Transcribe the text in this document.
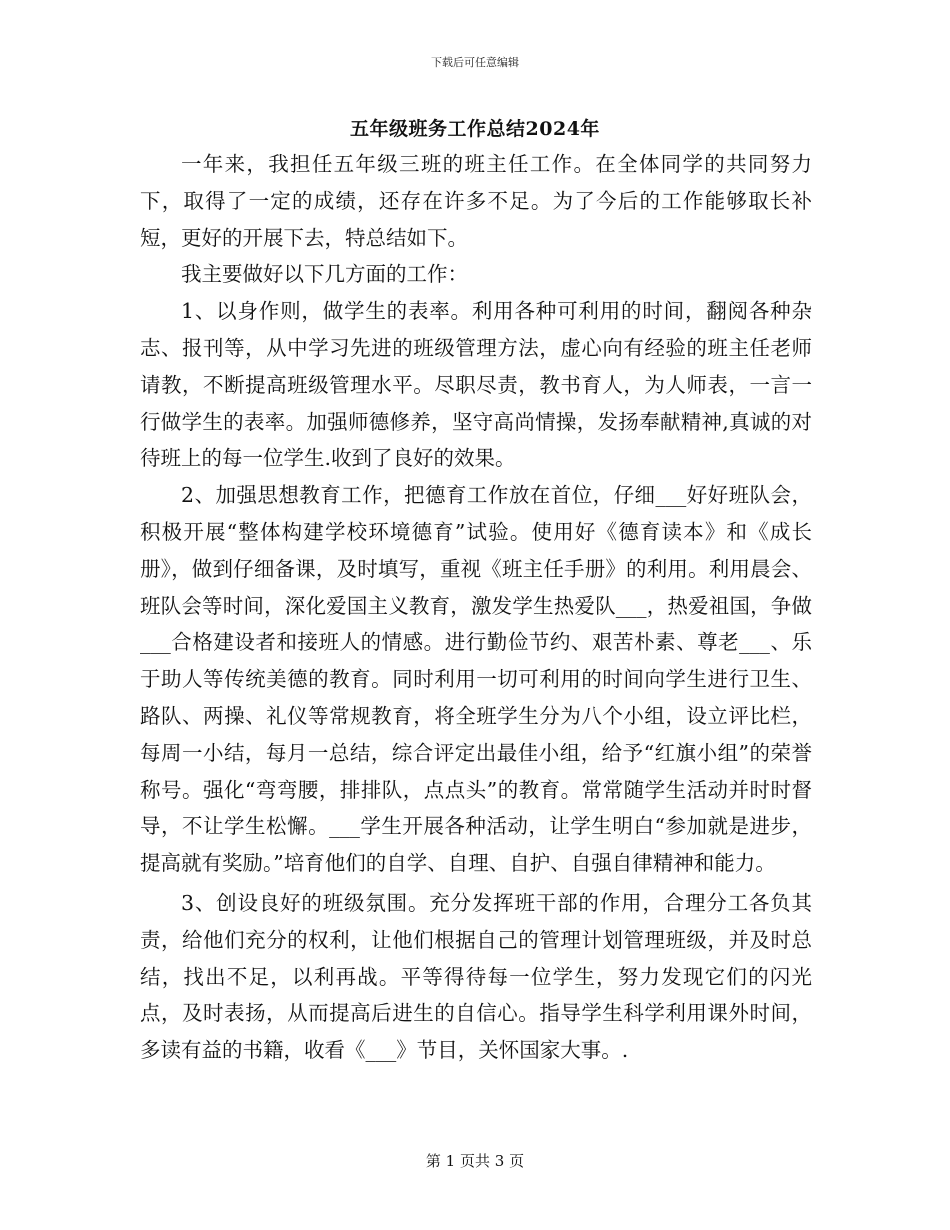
下载后可任意编辑
五年级班务工作总结2024年

一年来，我担任五年级三班的班主任工作。在全体同学的共同努力下，取得了一定的成绩，还存在许多不足。为了今后的工作能够取长补短，更好的开展下去，特总结如下。

我主要做好以下几方面的工作：

1、以身作则，做学生的表率。利用各种可利用的时间，翻阅各种杂志、报刊等，从中学习先进的班级管理方法，虚心向有经验的班主任老师请教，不断提高班级管理水平。尽职尽责，教书育人，为人师表，一言一行做学生的表率。加强师德修养，坚守高尚情操，发扬奉献精神,真诚的对待班上的每一位学生.收到了良好的效果。

2、加强思想教育工作，把德育工作放在首位，仔细___好好班队会，积极开展“整体构建学校环境德育”试验。使用好《德育读本》和《成长册》，做到仔细备课，及时填写，重视《班主任手册》的利用。利用晨会、班队会等时间，深化爱国主义教育，激发学生热爱队___，热爱祖国，争做___合格建设者和接班人的情感。进行勤俭节约、艰苦朴素、尊老___、乐于助人等传统美德的教育。同时利用一切可利用的时间向学生进行卫生、路队、两操、礼仪等常规教育，将全班学生分为八个小组，设立评比栏，每周一小结，每月一总结，综合评定出最佳小组，给予“红旗小组”的荣誉称号。强化“弯弯腰，排排队，点点头”的教育。常常随学生活动并时时督导，不让学生松懈。___学生开展各种活动，让学生明白“参加就是进步，提高就有奖励。”培育他们的自学、自理、自护、自强自律精神和能力。

3、创设良好的班级氛围。充分发挥班干部的作用，合理分工各负其责，给他们充分的权利，让他们根据自己的管理计划管理班级，并及时总结，找出不足，以利再战。平等得待每一位学生，努力发现它们的闪光点，及时表扬，从而提高后进生的自信心。指导学生科学利用课外时间，多读有益的书籍，收看《___》节目，关怀国家大事。.

第 1 页共 3 页
